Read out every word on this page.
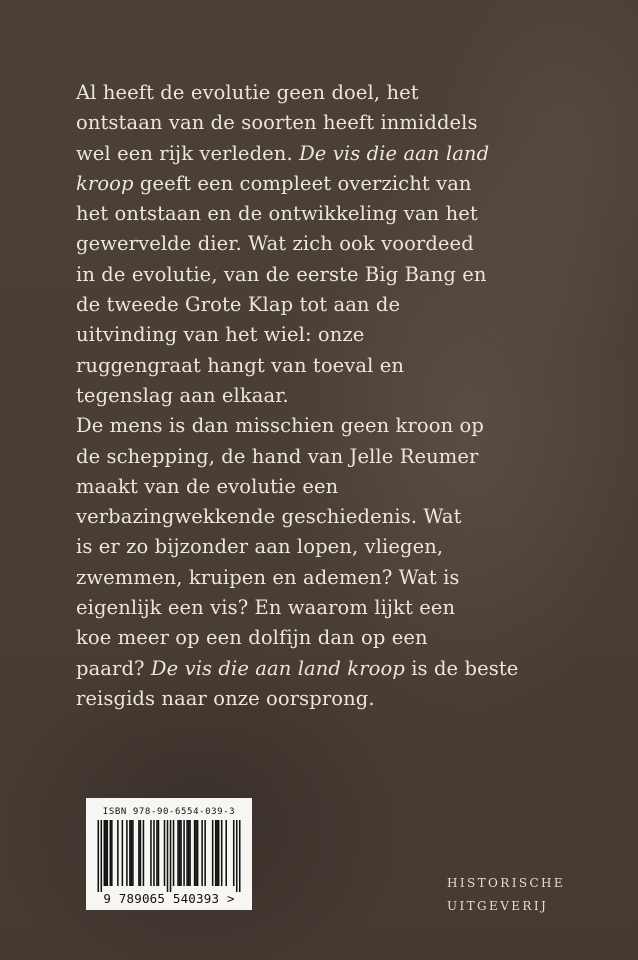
Al heeft de evolutie geen doel, het
ontstaan van de soorten heeft inmiddels
wel een rijk verleden. De vis die aan land
kroop geeft een compleet overzicht van
het ontstaan en de ontwikkeling van het
gewervelde dier. Wat zich ook voordeed
in de evolutie, van de eerste Big Bang en
de tweede Grote Klap tot aan de
uitvinding van het wiel: onze
ruggengraat hangt van toeval en
tegenslag aan elkaar.
De mens is dan misschien geen kroon op
de schepping, de hand van Jelle Reumer
maakt van de evolutie een
verbazingwekkende geschiedenis. Wat
is er zo bijzonder aan lopen, vliegen,
zwemmen, kruipen en ademen? Wat is
eigenlijk een vis? En waarom lijkt een
koe meer op een dolfijn dan op een
paard? De vis die aan land kroop is de beste
reisgids naar onze oorsprong.
ISBN 978-90-6554-039-3
9 789065 540393 >
HISTORISCHE
UITGEVERIJ
